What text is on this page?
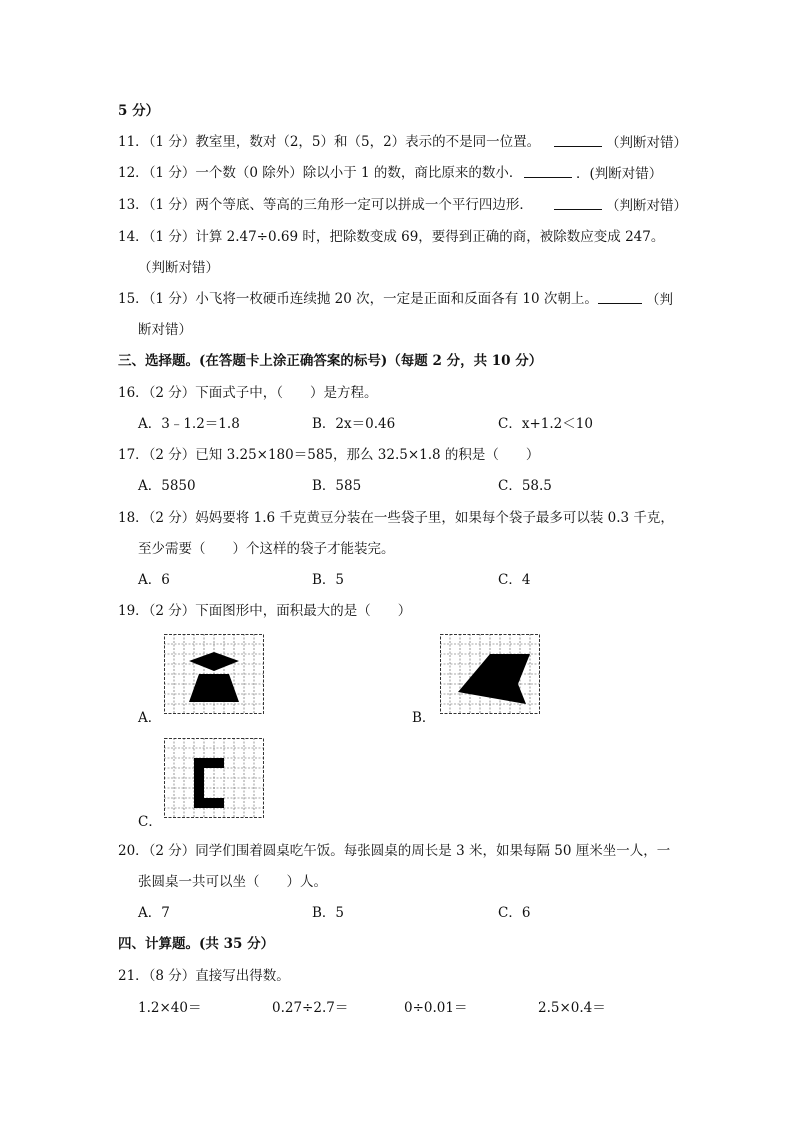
5 分）
11．（1 分）教室里，数对（2，5）和（5，2）表示的不是同一位置。	（判断对错）
12．（1 分）一个数（0 除外）除以小于 1 的数，商比原来的数小．	．(判断对错）
13．（1 分）两个等底、等高的三角形一定可以拼成一个平行四边形．	（判断对错）
14．（1 分）计算 2.47÷0.69 时，把除数变成 69，要得到正确的商，被除数应变成 247。
（判断对错）
15．（1 分）小飞将一枚硬币连续抛 20 次，一定是正面和反面各有 10 次朝上。	（判
断对错）
三、选择题。(在答题卡上涂正确答案的标号)（每题 2 分，共 10 分）
16．（2 分）下面式子中，（　　）是方程。
A．3﹣1.2＝1.8	B．2x＝0.46	C．x+1.2＜10
17．（2 分）已知 3.25×180＝585，那么 32.5×1.8 的积是（　　）
A．5850	B．585	C．58.5
18．（2 分）妈妈要将 1.6 千克黄豆分装在一些袋子里，如果每个袋子最多可以装 0.3 千克，
至少需要（　　）个这样的袋子才能装完。
A．6	B．5	C．4
19．（2 分）下面图形中，面积最大的是（　　）
A．	B．
C．
20．（2 分）同学们围着圆桌吃午饭。每张圆桌的周长是 3 米，如果每隔 50 厘米坐一人，一
张圆桌一共可以坐（　　）人。
A．7	B．5	C．6
四、计算题。(共 35 分）
21．（8 分）直接写出得数。
1.2×40＝	0.27÷2.7＝	0÷0.01＝	2.5×0.4＝
